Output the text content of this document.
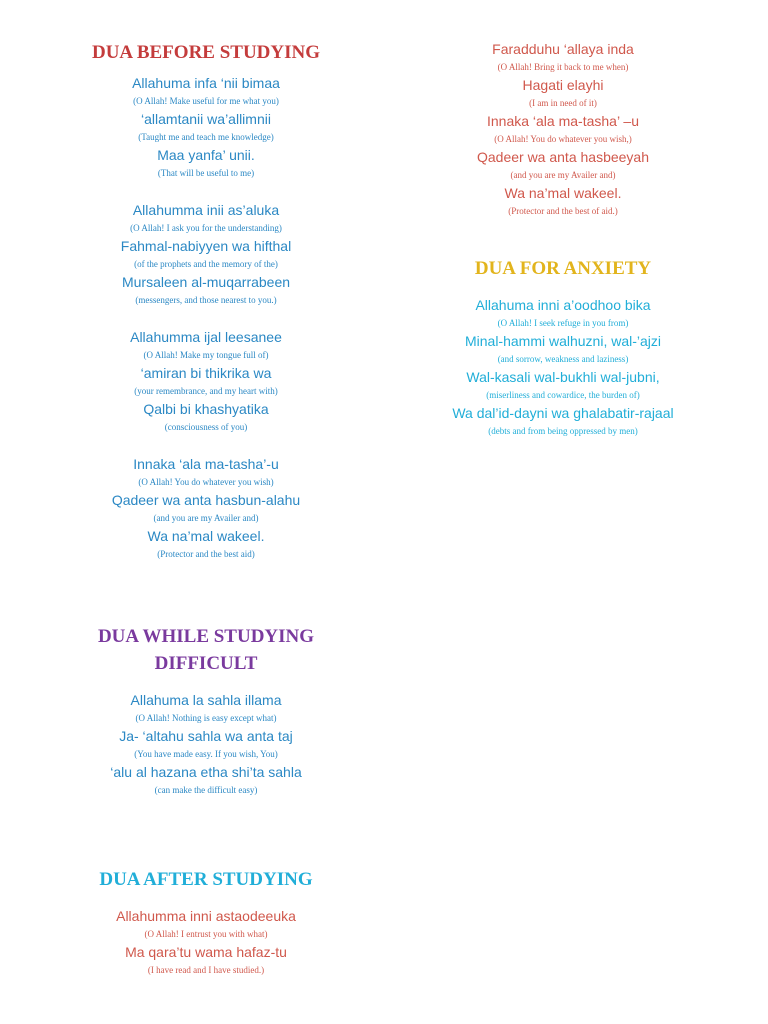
DUA BEFORE STUDYING
Allahuma infa ‘nii bimaa
(O Allah! Make useful for me what you)
‘allamtanii wa’allimnii
(Taught me and teach me knowledge)
Maa yanfa’ unii.
(That will be useful to me)
Allahumma inii as’aluka
(O Allah! I ask you for the understanding)
Fahmal-nabiyyen wa hifthal
(of the prophets and the memory of the)
Mursaleen al-muqarrabeen
(messengers, and those nearest to you.)
Allahumma ijal leesanee
(O Allah! Make my tongue full of)
‘amiran bi thikrika wa
(your remembrance, and my heart with)
Qalbi bi khashyatika
(consciousness of you)
Innaka ‘ala ma-tasha’-u
(O Allah! You do whatever you wish)
Qadeer wa anta hasbun-alahu
(and you are my Availer and)
Wa na’mal wakeel.
(Protector and the best aid)
DUA WHILE STUDYING
DIFFICULT
Allahuma la sahla illama
(O Allah! Nothing is easy except what)
Ja- ‘altahu sahla wa anta taj
(You have made easy. If you wish, You)
‘alu al hazana etha shi’ta sahla
(can make the difficult easy)
DUA AFTER STUDYING
Allahumma inni astaodeeuka
(O Allah! I entrust you with what)
Ma qara’tu wama hafaz-tu
(I have read and I have studied.)
Faradduhu ‘allaya inda
(O Allah! Bring it back to me when)
Hagati elayhi
(I am in need of it)
Innaka ‘ala ma-tasha’ –u
(O Allah! You do whatever you wish,)
Qadeer wa anta hasbeeyah
(and you are my Availer and)
Wa na’mal wakeel.
(Protector and the best of aid.)
DUA FOR ANXIETY
Allahuma inni a’oodhoo bika
(O Allah! I seek refuge in you from)
Minal-hammi walhuzni, wal-’ajzi
(and sorrow, weakness and laziness)
Wal-kasali wal-bukhli wal-jubni,
(miserliness and cowardice, the burden of)
Wa dal’id-dayni wa ghalabatir-rajaal
(debts and from being oppressed by men)
